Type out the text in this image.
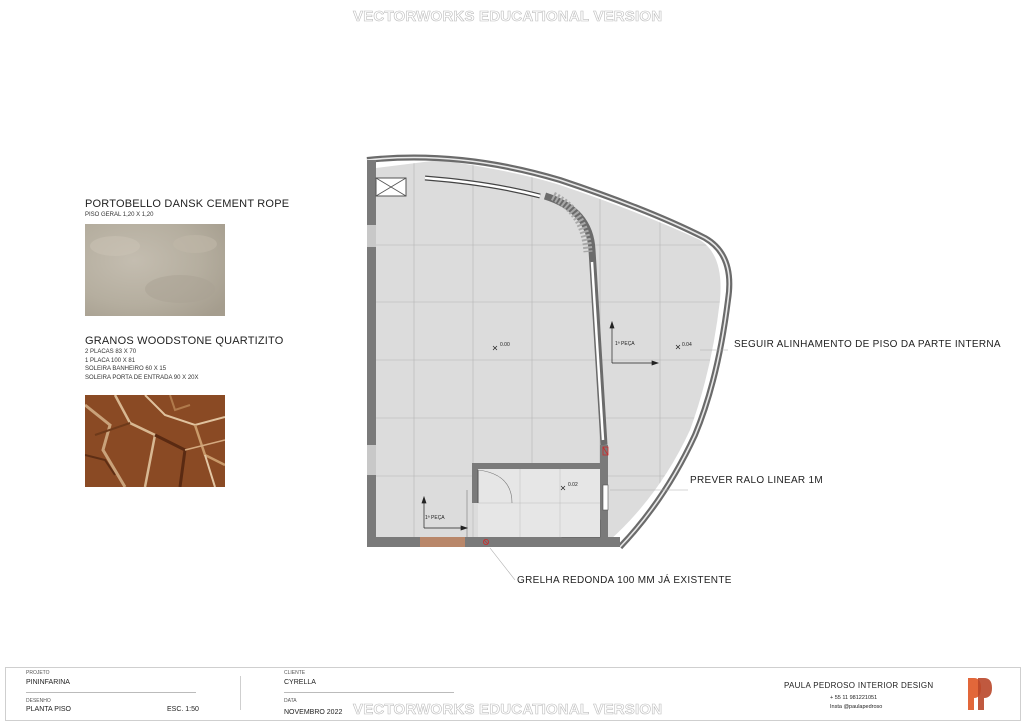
VECTORWORKS EDUCATIONAL VERSION
PORTOBELLO DANSK CEMENT ROPE
PISO GERAL 1,20 X 1,20
GRANOS WOODSTONE QUARTIZITO
2 PLACAS 83 X 70
1 PLACA 100 X 81
SOLEIRA BANHEIRO 60 X 15
SOLEIRA PORTA DE ENTRADA 90 X 20X
0.00	0.04
0.02
1ª PEÇA
1ª PEÇA
SEGUIR ALINHAMENTO DE PISO DA PARTE INTERNA
PREVER RALO LINEAR 1M
GRELHA REDONDA 100 MM JÁ EXISTENTE
PROJETO
PININFARINA
DESENHO
PLANTA PISO	ESC. 1:50
CLIENTE
CYRELLA
DATA
NOVEMBRO 2022 VECTORWORKS EDUCATIONAL VERSION
PAULA PEDROSO INTERIOR DESIGN
+ 55 11 981221051
Insta @paulapedroso
